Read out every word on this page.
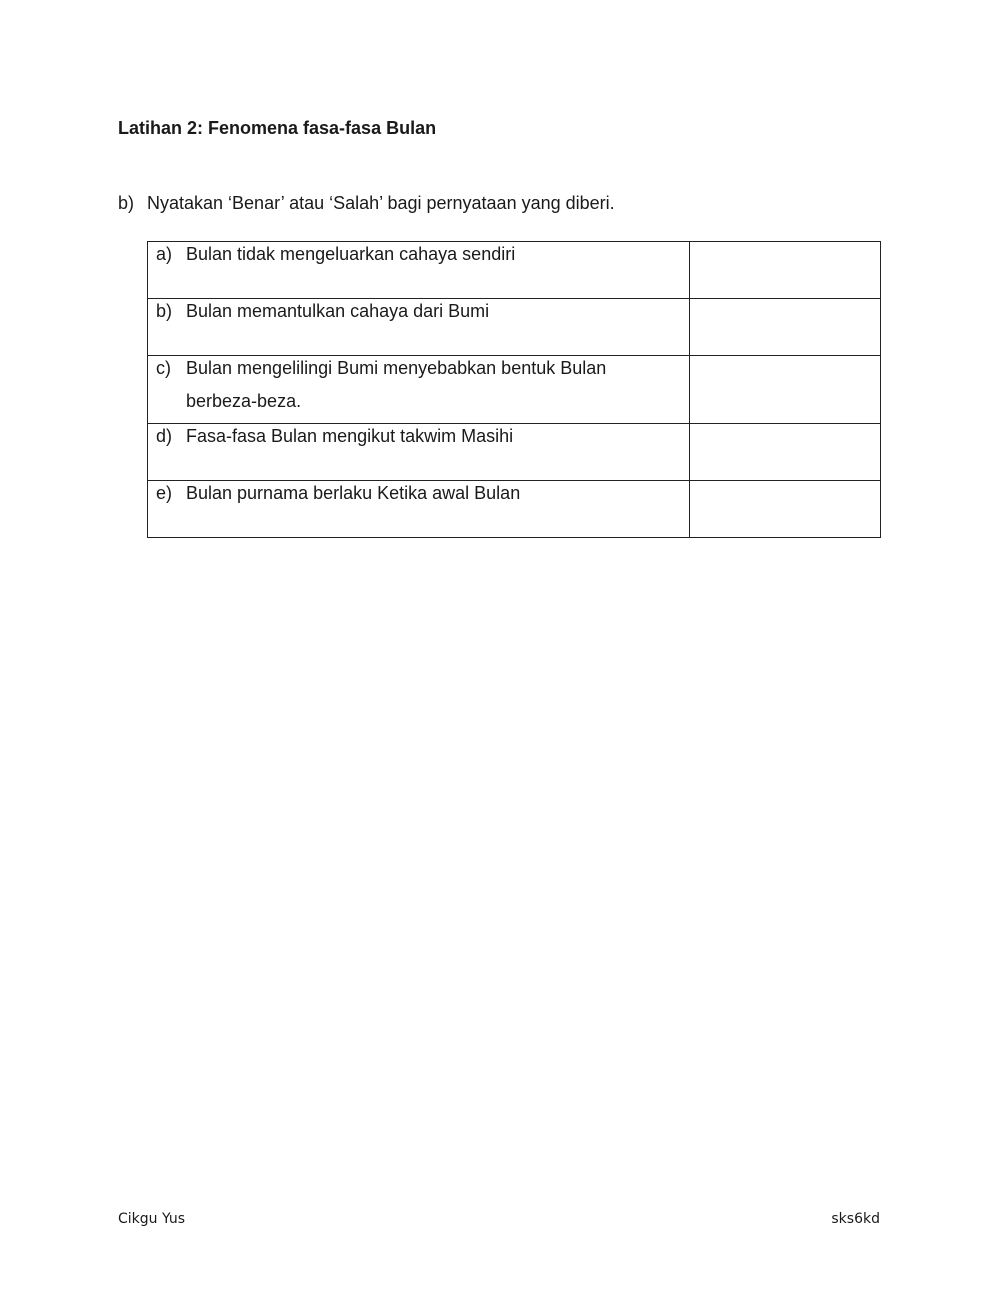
Latihan 2: Fenomena fasa-fasa Bulan

b) Nyatakan ‘Benar’ atau ‘Salah’ bagi pernyataan yang diberi.

a) Bulan tidak mengeluarkan cahaya sendiri	

b) Bulan memantulkan cahaya dari Bumi	

c) Bulan mengelilingi Bumi menyebabkan bentuk Bulan berbeza-beza.	

d) Fasa-fasa Bulan mengikut takwim Masihi	

e) Bulan purnama berlaku Ketika awal Bulan	

Cikgu Yus	sks6kd
